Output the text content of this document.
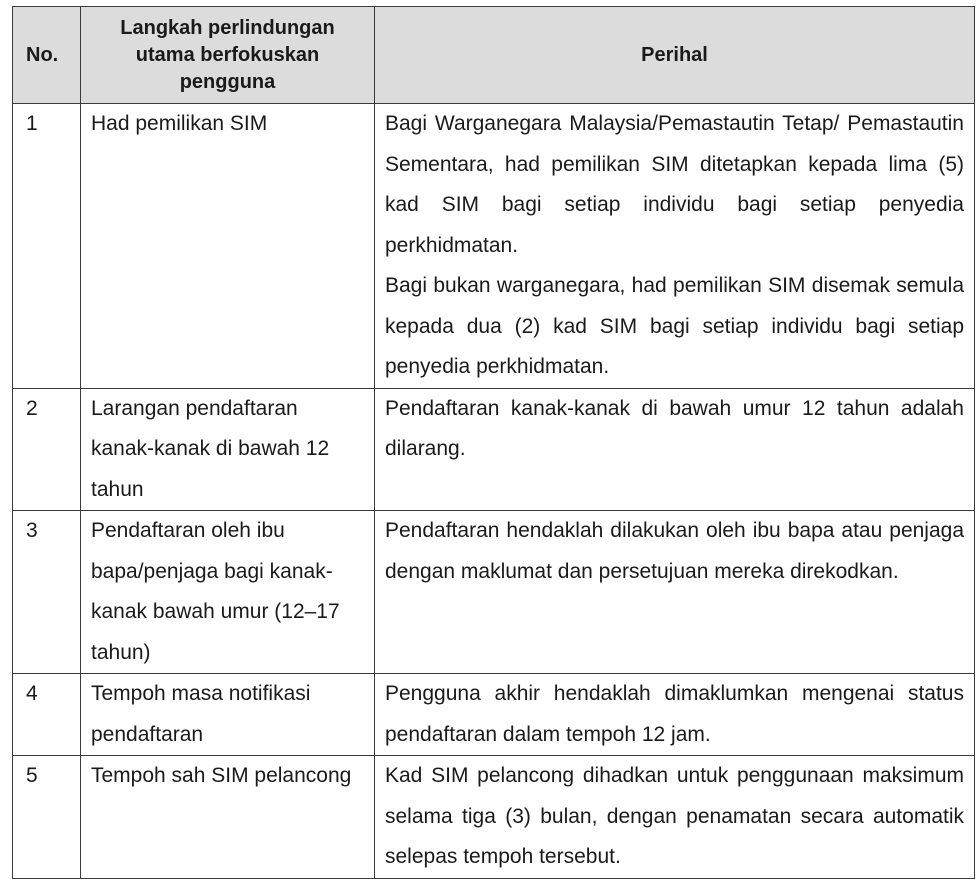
No.	Langkah perlindungan utama berfokuskan pengguna	Perihal
1	Had pemilikan SIM	Bagi Warganegara Malaysia/Pemastautin Tetap/ Pemastautin Sementara, had pemilikan SIM ditetapkan kepada lima (5) kad SIM bagi setiap individu bagi setiap penyedia perkhidmatan.

Bagi bukan warganegara, had pemilikan SIM disemak semula kepada dua (2) kad SIM bagi setiap individu bagi setiap penyedia perkhidmatan.

2	Larangan pendaftaran kanak-kanak di bawah 12 tahun	Pendaftaran kanak-kanak di bawah umur 12 tahun adalah dilarang.

3	Pendaftaran oleh ibu bapa/penjaga bagi kanak-kanak bawah umur (12–17 tahun)	Pendaftaran hendaklah dilakukan oleh ibu bapa atau penjaga dengan maklumat dan persetujuan mereka direkodkan.

4	Tempoh masa notifikasi pendaftaran	Pengguna akhir hendaklah dimaklumkan mengenai status pendaftaran dalam tempoh 12 jam.

5	Tempoh sah SIM pelancong	Kad SIM pelancong dihadkan untuk penggunaan maksimum selama tiga (3) bulan, dengan penamatan secara automatik selepas tempoh tersebut.
